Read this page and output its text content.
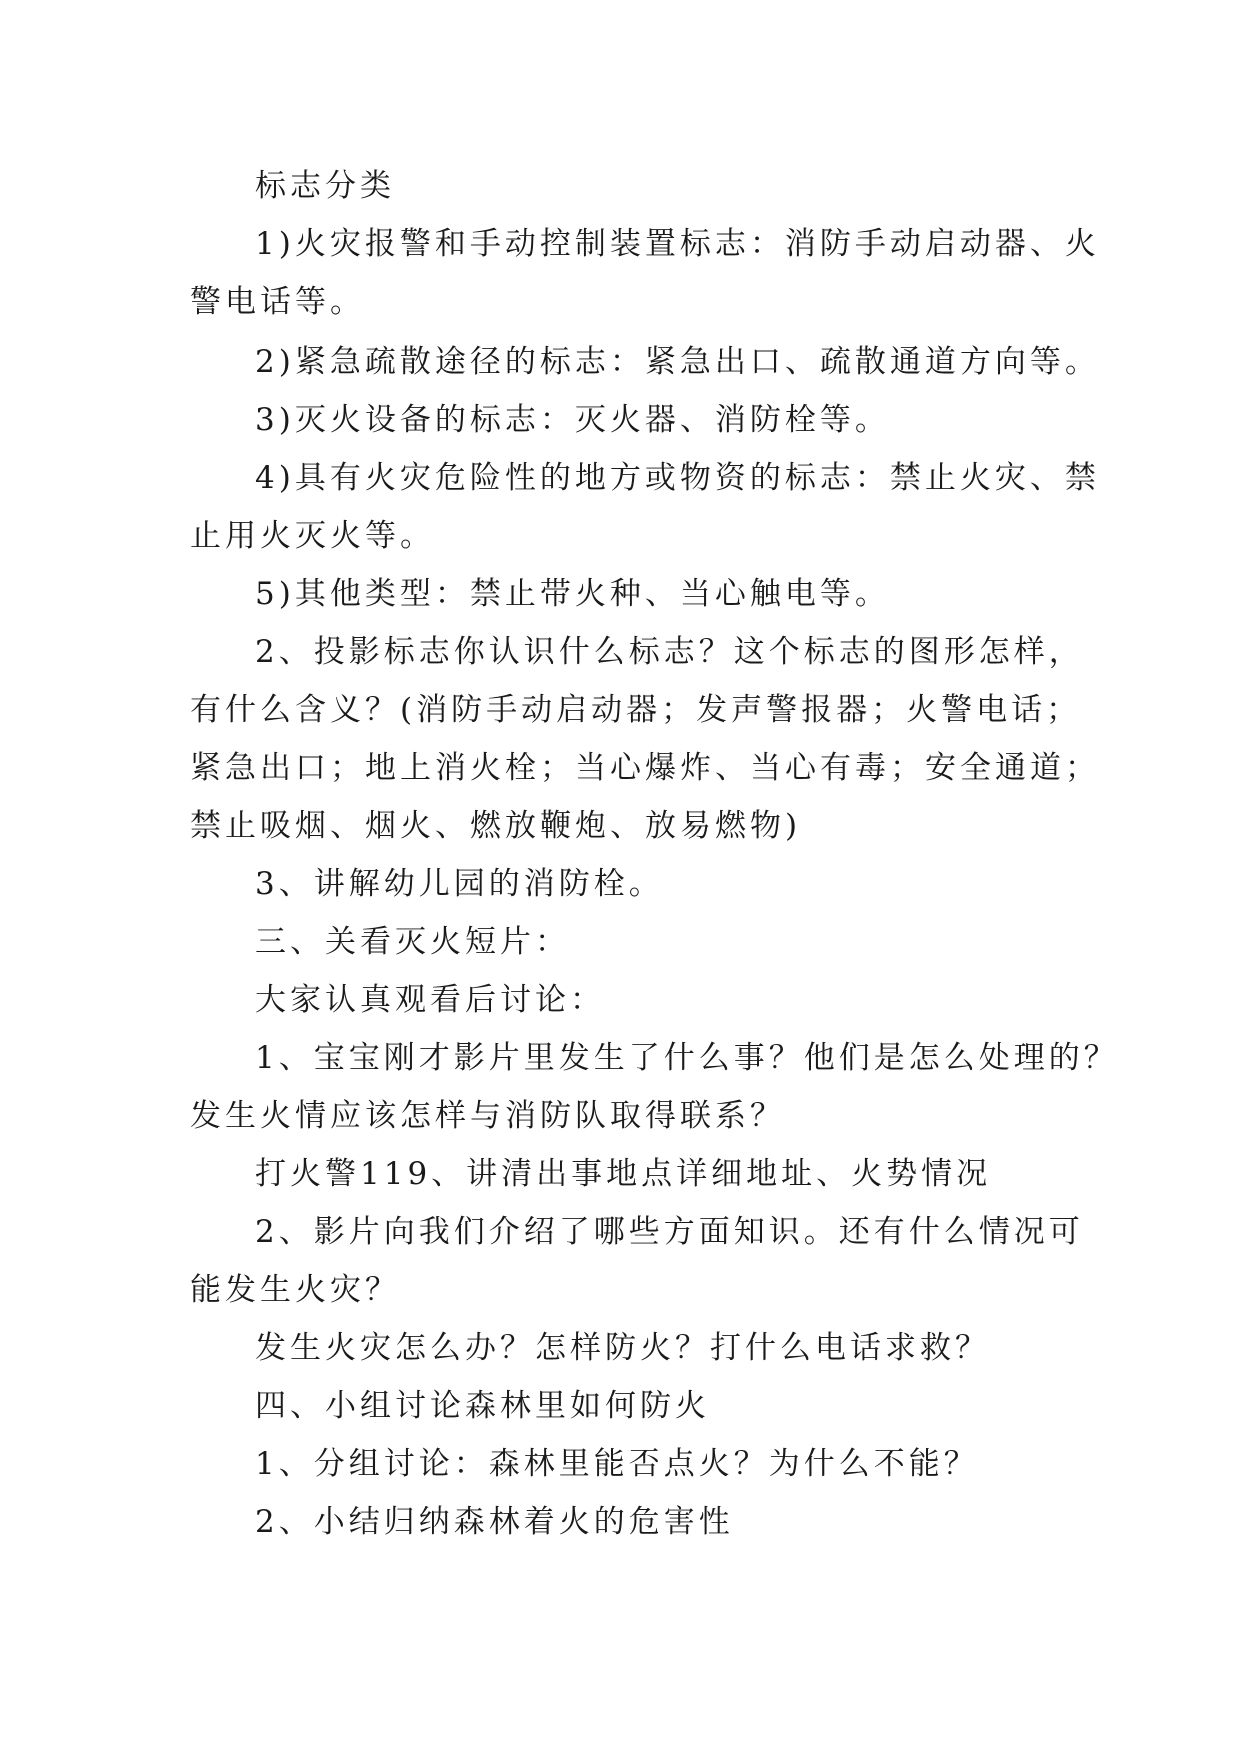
标志分类
1)火灾报警和手动控制装置标志：消防手动启动器、火
警电话等。
2)紧急疏散途径的标志：紧急出口、疏散通道方向等。
3)灭火设备的标志：灭火器、消防栓等。
4)具有火灾危险性的地方或物资的标志：禁止火灾、禁
止用火灭火等。
5)其他类型：禁止带火种、当心触电等。
2、投影标志你认识什么标志？这个标志的图形怎样，
有什么含义？(消防手动启动器；发声警报器；火警电话；
紧急出口；地上消火栓；当心爆炸、当心有毒；安全通道；
禁止吸烟、烟火、燃放鞭炮、放易燃物)
3、讲解幼儿园的消防栓。
三、关看灭火短片：
大家认真观看后讨论：
1、宝宝刚才影片里发生了什么事？他们是怎么处理的？
发生火情应该怎样与消防队取得联系？
打火警119、讲清出事地点详细地址、火势情况
2、影片向我们介绍了哪些方面知识。还有什么情况可
能发生火灾？
发生火灾怎么办？怎样防火？打什么电话求救？
四、小组讨论森林里如何防火
1、分组讨论：森林里能否点火？为什么不能？
2、小结归纳森林着火的危害性
